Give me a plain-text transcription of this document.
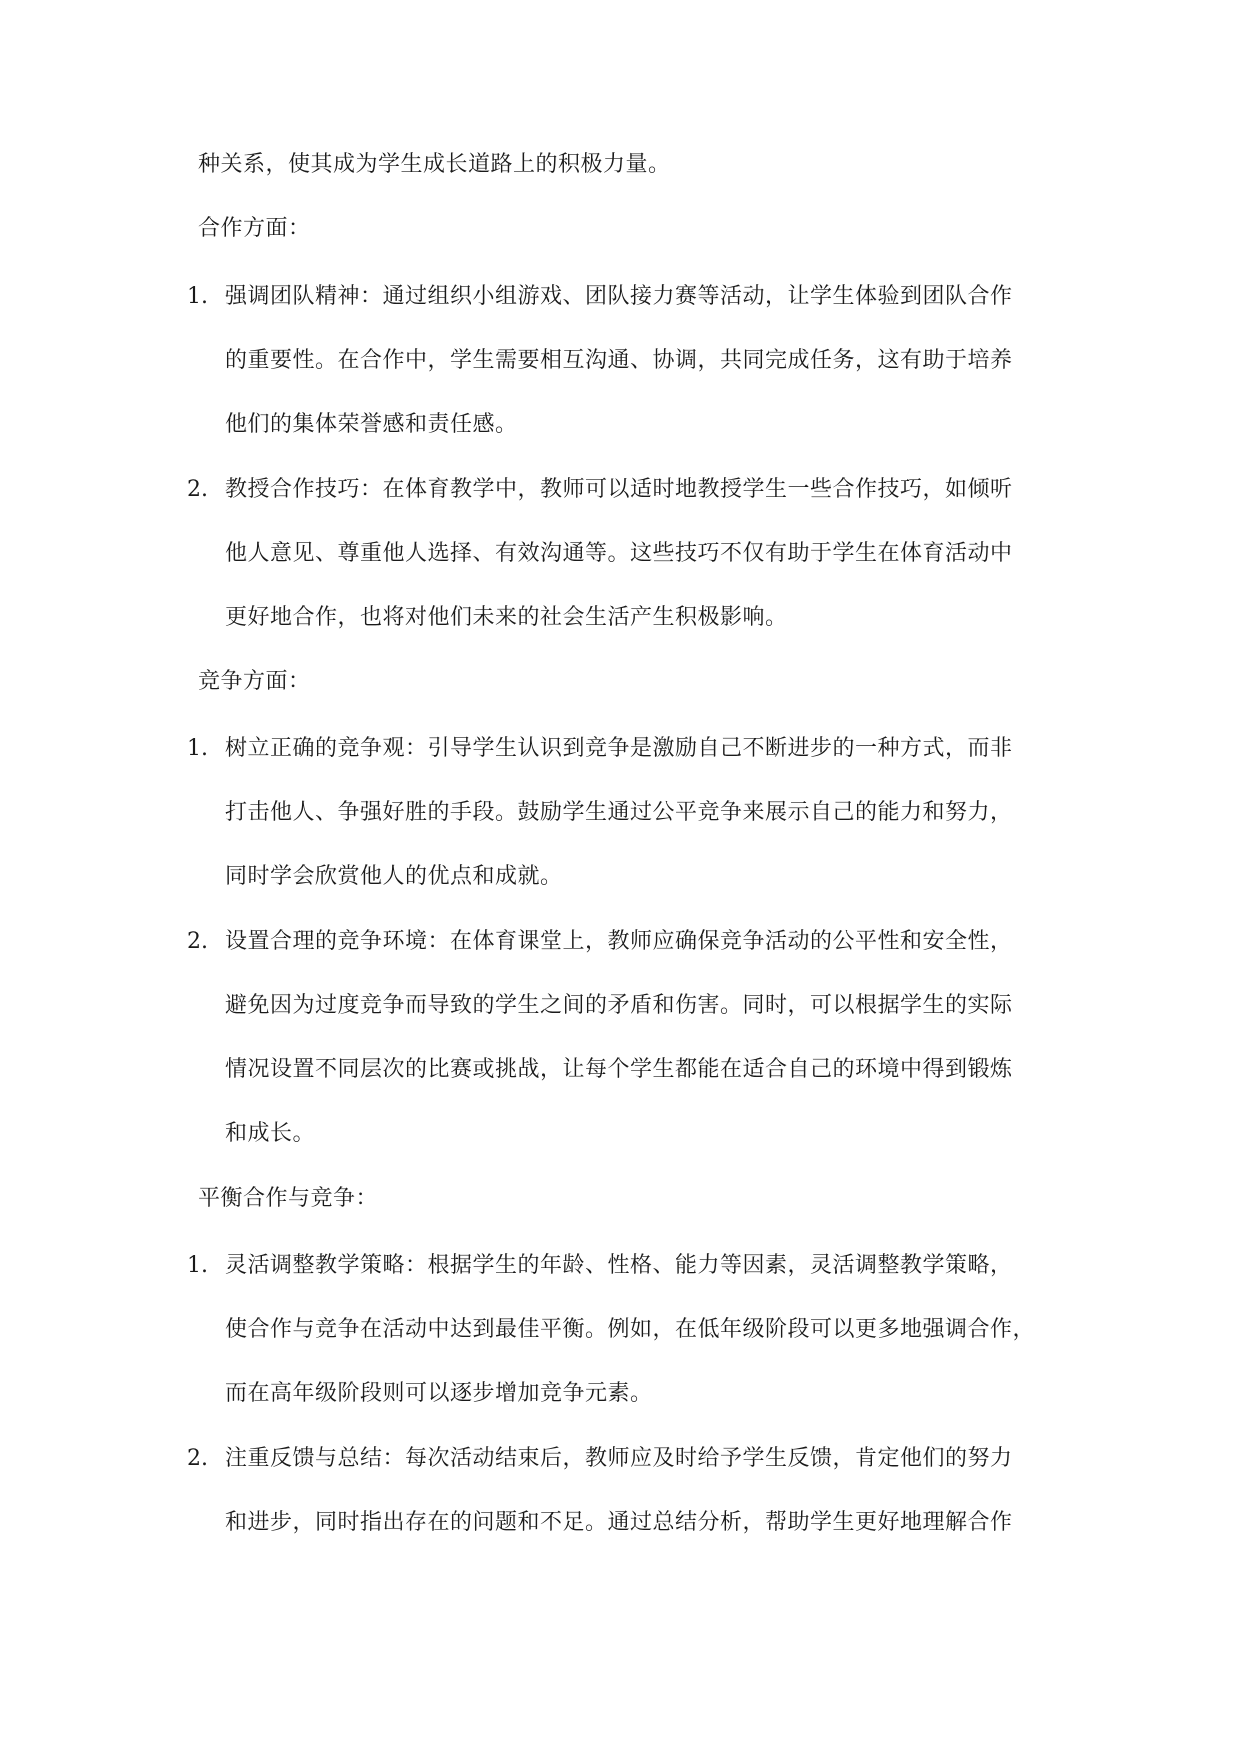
种关系，使其成为学生成长道路上的积极力量。
合作方面：
1. 强调团队精神：通过组织小组游戏、团队接力赛等活动，让学生体验到团队合作
的重要性。在合作中，学生需要相互沟通、协调，共同完成任务，这有助于培养
他们的集体荣誉感和责任感。
2. 教授合作技巧：在体育教学中，教师可以适时地教授学生一些合作技巧，如倾听
他人意见、尊重他人选择、有效沟通等。这些技巧不仅有助于学生在体育活动中
更好地合作，也将对他们未来的社会生活产生积极影响。
竞争方面：
1. 树立正确的竞争观：引导学生认识到竞争是激励自己不断进步的一种方式，而非
打击他人、争强好胜的手段。鼓励学生通过公平竞争来展示自己的能力和努力，
同时学会欣赏他人的优点和成就。
2. 设置合理的竞争环境：在体育课堂上，教师应确保竞争活动的公平性和安全性，
避免因为过度竞争而导致的学生之间的矛盾和伤害。同时，可以根据学生的实际
情况设置不同层次的比赛或挑战，让每个学生都能在适合自己的环境中得到锻炼
和成长。
平衡合作与竞争：
1. 灵活调整教学策略：根据学生的年龄、性格、能力等因素，灵活调整教学策略，
使合作与竞争在活动中达到最佳平衡。例如，在低年级阶段可以更多地强调合作，
而在高年级阶段则可以逐步增加竞争元素。
2. 注重反馈与总结：每次活动结束后，教师应及时给予学生反馈，肯定他们的努力
和进步，同时指出存在的问题和不足。通过总结分析，帮助学生更好地理解合作
